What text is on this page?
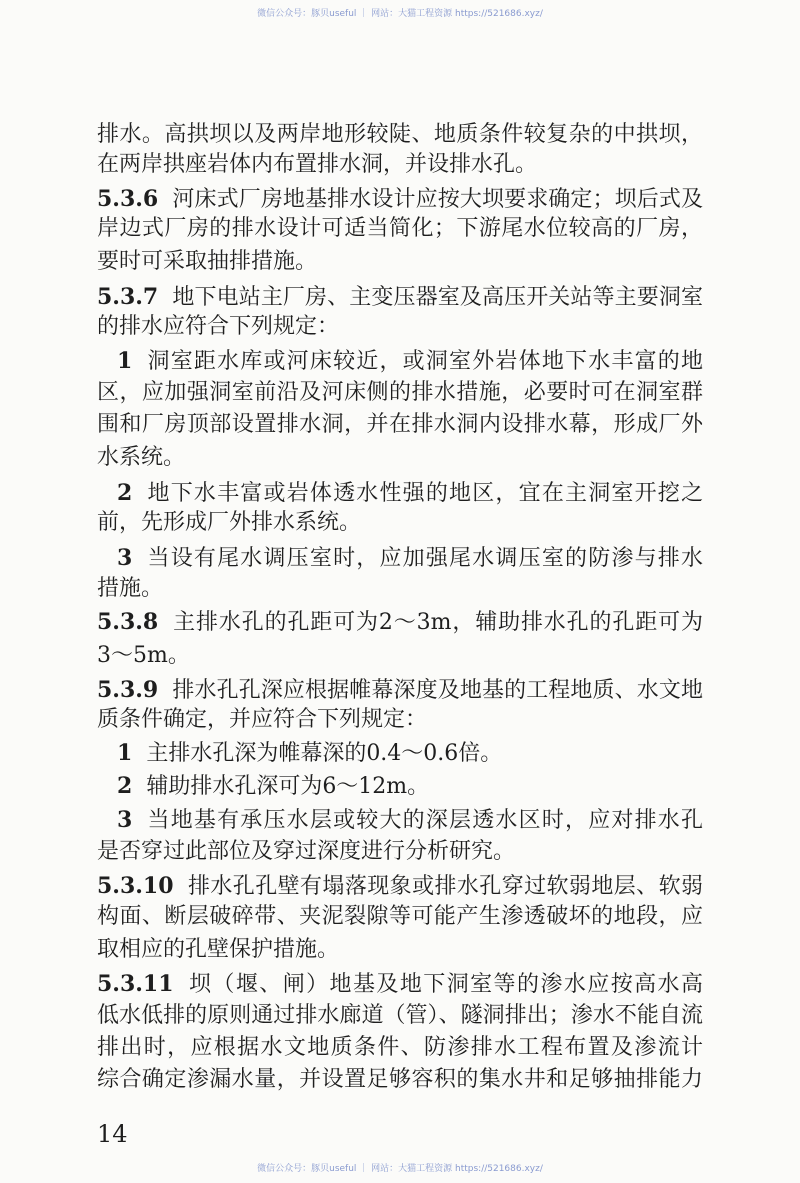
微信公众号：豚贝useful ｜ 网站：大猫工程资源 https://521686.xyz/
排水。高拱坝以及两岸地形较陡、地质条件较复杂的中拱坝，
在两岸拱座岩体内布置排水洞，并设排水孔。
5.3.6 河床式厂房地基排水设计应按大坝要求确定；坝后式及
岸边式厂房的排水设计可适当简化；下游尾水位较高的厂房，
要时可采取抽排措施。
5.3.7 地下电站主厂房、主变压器室及高压开关站等主要洞室
的排水应符合下列规定：
1 洞室距水库或河床较近，或洞室外岩体地下水丰富的地
区，应加强洞室前沿及河床侧的排水措施，必要时可在洞室群
围和厂房顶部设置排水洞，并在排水洞内设排水幕，形成厂外
水系统。
2 地下水丰富或岩体透水性强的地区，宜在主洞室开挖之
前，先形成厂外排水系统。
3 当设有尾水调压室时，应加强尾水调压室的防渗与排水
措施。
5.3.8 主排水孔的孔距可为2～3m，辅助排水孔的孔距可为
3～5m。
5.3.9 排水孔孔深应根据帷幕深度及地基的工程地质、水文地
质条件确定，并应符合下列规定：
1 主排水孔深为帷幕深的0.4～0.6倍。
2 辅助排水孔深可为6～12m。
3 当地基有承压水层或较大的深层透水区时，应对排水孔
是否穿过此部位及穿过深度进行分析研究。
5.3.10 排水孔孔壁有塌落现象或排水孔穿过软弱地层、软弱
构面、断层破碎带、夹泥裂隙等可能产生渗透破坏的地段，应
取相应的孔壁保护措施。
5.3.11 坝（堰、闸）地基及地下洞室等的渗水应按高水高
低水低排的原则通过排水廊道（管）、隧洞排出；渗水不能自流
排出时，应根据水文地质条件、防渗排水工程布置及渗流计
综合确定渗漏水量，并设置足够容积的集水井和足够抽排能力
14
微信公众号：豚贝useful ｜ 网站：大猫工程资源 https://521686.xyz/
